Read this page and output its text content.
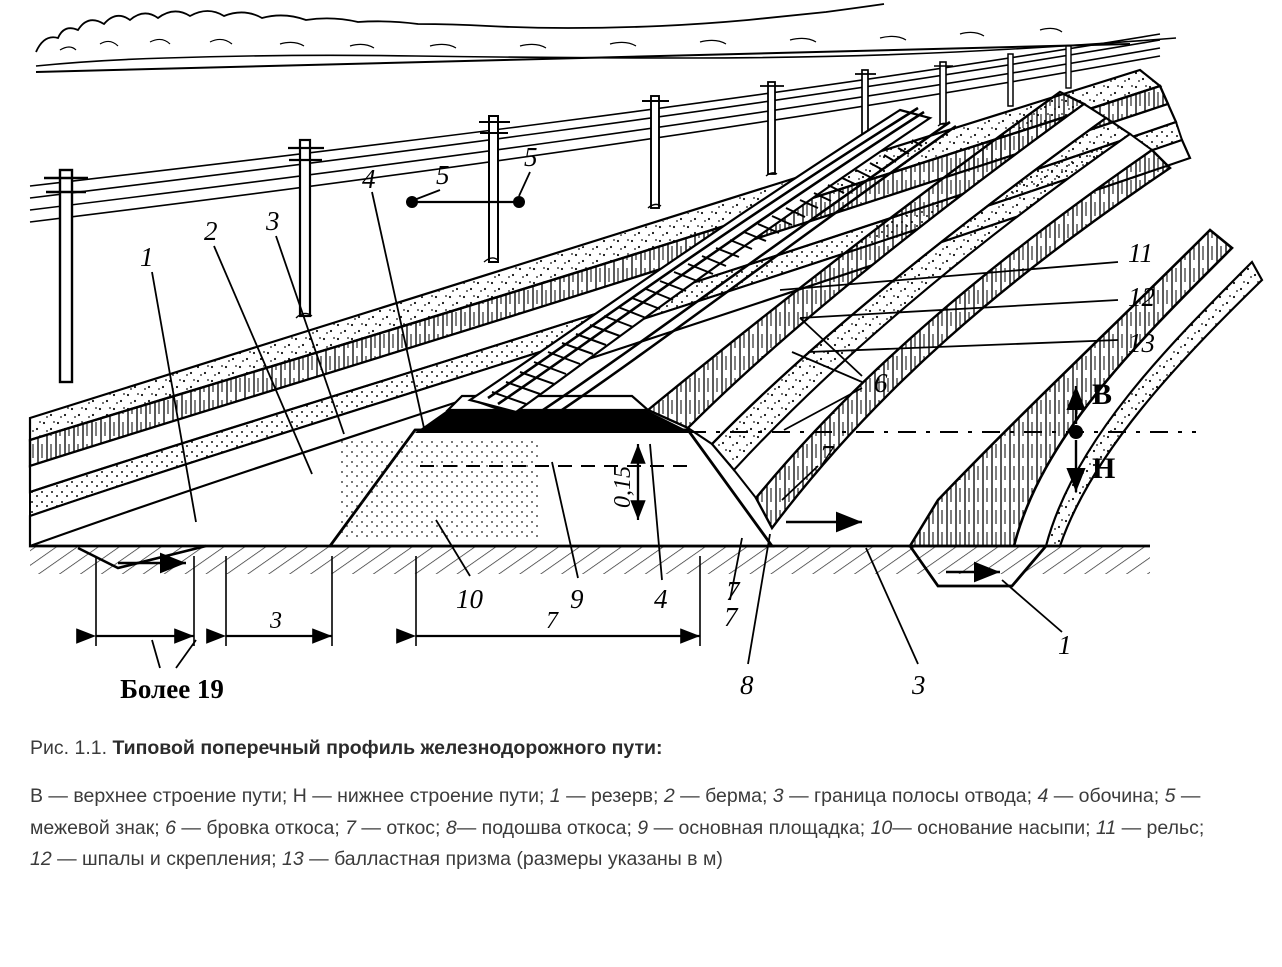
В
Н
1
2 3
4 5
5
6
7
11
12
13
10	9	4
7
8	3
1
0,15
3	7
Более 19
7

Рис. 1.1. Типовой поперечный профиль железнодорожного пути:

В — верхнее строение пути; Н — нижнее строение пути; 1 — резерв; 2 — берма; 3 — граница полосы отвода; 4 — обочина; 5 — межевой знак; 6 — бровка откоса; 7 — откос; 8— подошва откоса; 9 — основная площадка; 10— основание насыпи; 11 — рельс; 12 — шпалы и скрепления; 13 — балластная призма (размеры указаны в м)
